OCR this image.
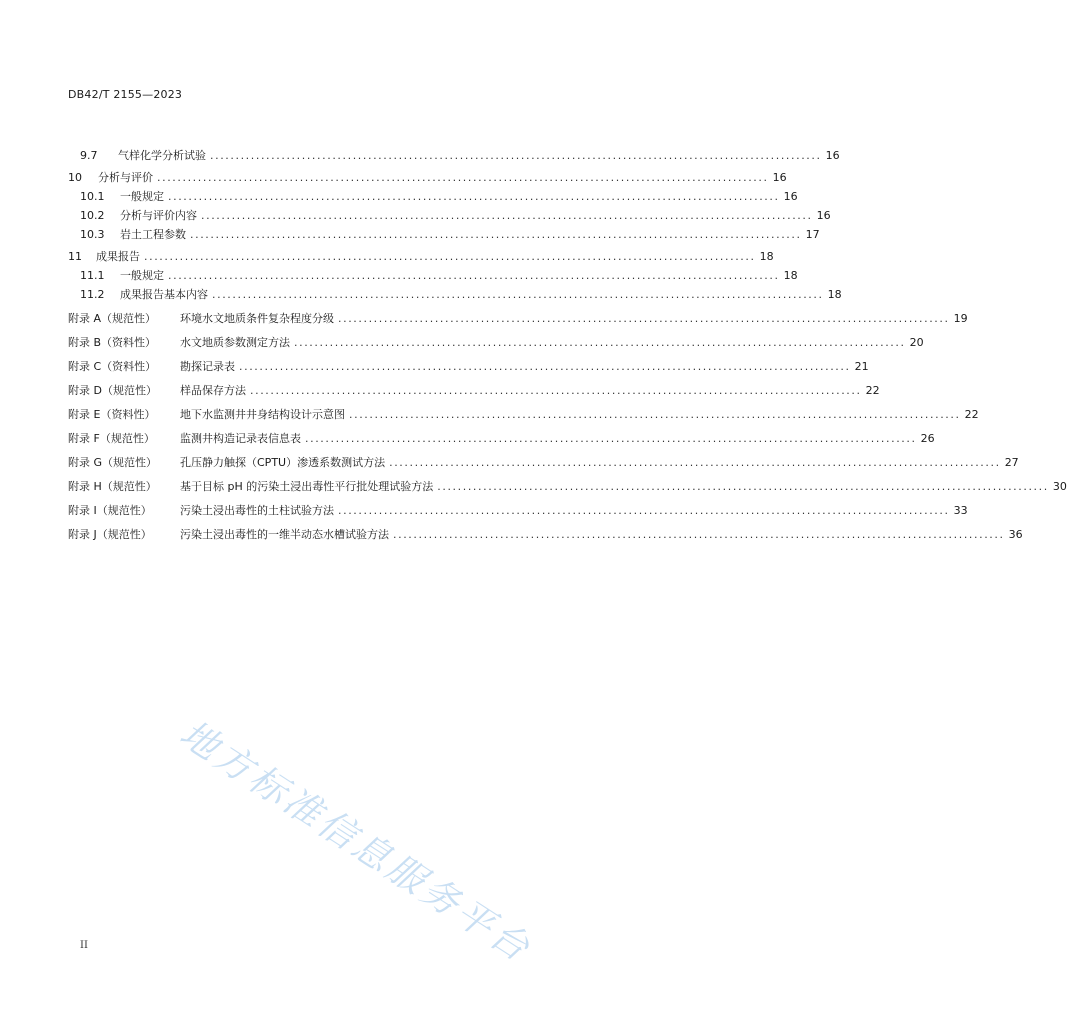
DB42/T 2155—2023
9.7	气样化学分析试验 ........................................................................................................................ 16
10	分析与评价 ........................................................................................................................ 16
10.1	一般规定 ........................................................................................................................ 16
10.2	分析与评价内容 ........................................................................................................................ 16
10.3	岩土工程参数 ........................................................................................................................ 17
11	成果报告 ........................................................................................................................ 18
11.1	一般规定 ........................................................................................................................ 18
11.2	成果报告基本内容 ........................................................................................................................ 18
附录 A（规范性）	环境水文地质条件复杂程度分级 ........................................................................................................................ 19
附录 B（资料性）	水文地质参数测定方法 ........................................................................................................................ 20
附录 C（资料性）	勘探记录表 ........................................................................................................................ 21
附录 D（规范性）	样品保存方法 ........................................................................................................................ 22
附录 E（资料性）	地下水监测井井身结构设计示意图 ........................................................................................................................ 22
附录 F（规范性）	监测井构造记录表信息表 ........................................................................................................................ 26
附录 G（规范性）	孔压静力触探（CPTU）渗透系数测试方法 ........................................................................................................................ 27
附录 H（规范性）	基于目标 pH 的污染土浸出毒性平行批处理试验方法 ........................................................................................................................ 30
附录 I（规范性）	污染土浸出毒性的土柱试验方法 ........................................................................................................................ 33
附录 J（规范性）	污染土浸出毒性的一维半动态水槽试验方法 ........................................................................................................................ 36
地方标准信息服务平台
II
